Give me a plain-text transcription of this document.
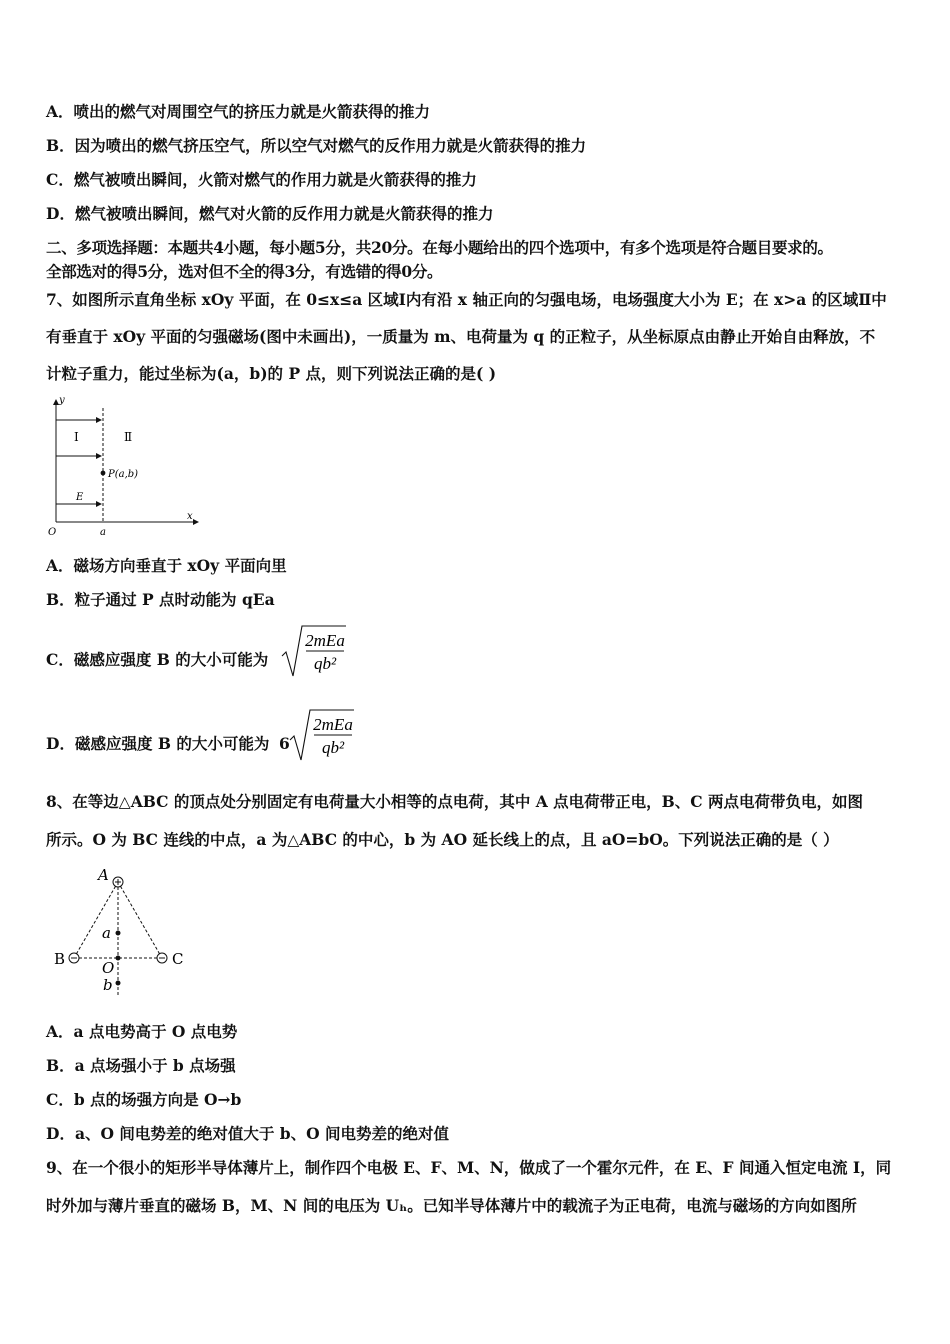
A．喷出的燃气对周围空气的挤压力就是火箭获得的推力
B．因为喷出的燃气挤压空气，所以空气对燃气的反作用力就是火箭获得的推力
C．燃气被喷出瞬间，火箭对燃气的作用力就是火箭获得的推力
D．燃气被喷出瞬间，燃气对火箭的反作用力就是火箭获得的推力
二、多项选择题：本题共4小题，每小题5分，共20分。在每小题给出的四个选项中，有多个选项是符合题目要求的。
全部选对的得5分，选对但不全的得3分，有选错的得0分。
7、如图所示直角坐标 xOy 平面，在 0≤x≤a 区域Ⅰ内有沿 x 轴正向的匀强电场，电场强度大小为 E；在 x>a 的区域Ⅱ中
有垂直于 xOy 平面的匀强磁场(图中未画出)，一质量为 m、电荷量为 q 的正粒子，从坐标原点由静止开始自由释放，不
计粒子重力，能过坐标为(a，b)的 P 点，则下列说法正确的是( )
y
x
O	a
Ⅰ	Ⅱ
E
P(a,b)
A．磁场方向垂直于 xOy 平面向里
B．粒子通过 P 点时动能为 qEa
C．磁感应强度 B 的大小可能为
2mEa
qb²
D．磁感应强度 B 的大小可能为 6
2mEa
qb²
8、在等边△ABC 的顶点处分别固定有电荷量大小相等的点电荷，其中 A 点电荷带正电，B、C 两点电荷带负电，如图
所示。O 为 BC 连线的中点，a 为△ABC 的中心，b 为 AO 延长线上的点，且 aO=bO。下列说法正确的是（ ）
A
B	C
O
a
b
A．a 点电势高于 O 点电势
B．a 点场强小于 b 点场强
C．b 点的场强方向是 O→b
D．a、O 间电势差的绝对值大于 b、O 间电势差的绝对值
9、在一个很小的矩形半导体薄片上，制作四个电极 E、F、M、N，做成了一个霍尔元件，在 E、F 间通入恒定电流 I，同
时外加与薄片垂直的磁场 B，M、N 间的电压为 Uₕ。已知半导体薄片中的载流子为正电荷，电流与磁场的方向如图所
